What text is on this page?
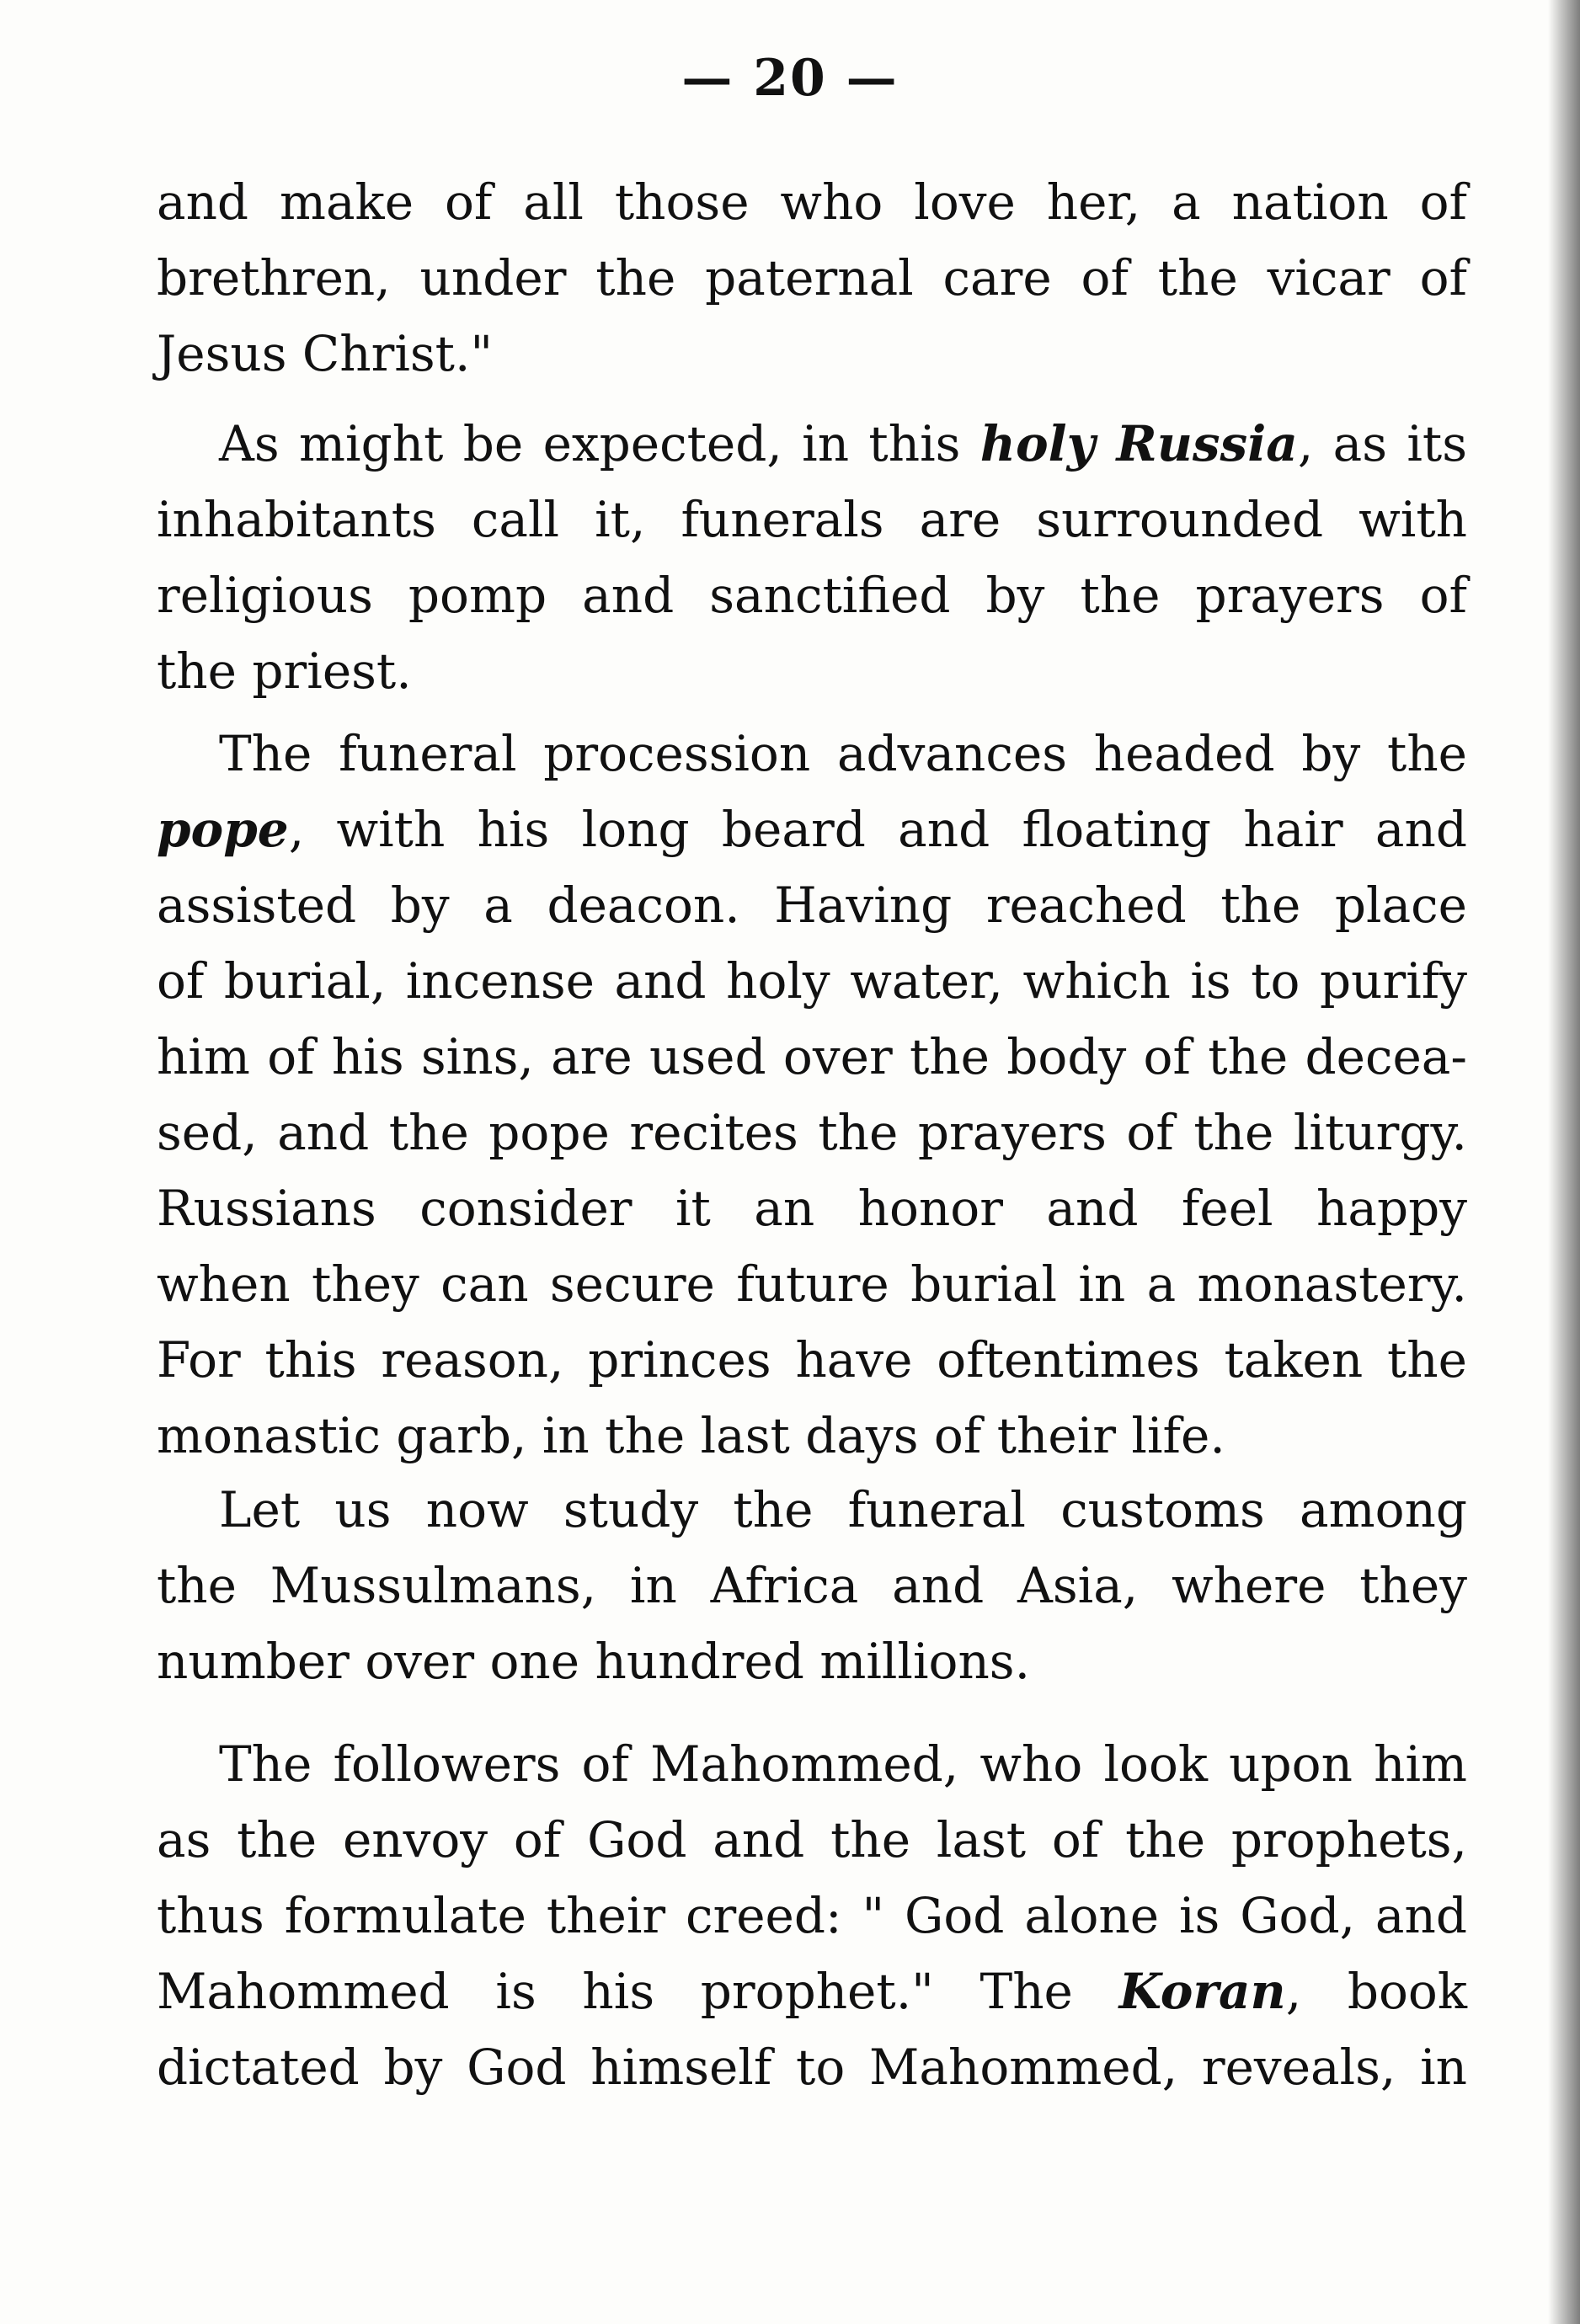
— 20 —
and make of all those who love her, a nation of
brethren, under the paternal care of the vicar of
Jesus Christ."
As might be expected, in this holy Russia, as its
inhabitants call it, funerals are surrounded with
religious pomp and sanctified by the prayers of
the priest.
The funeral procession advances headed by the
pope, with his long beard and floating hair and
assisted by a deacon. Having reached the place
of burial, incense and holy water, which is to purify
him of his sins, are used over the body of the decea-
sed, and the pope recites the prayers of the liturgy.
Russians consider it an honor and feel happy
when they can secure future burial in a monastery.
For this reason, princes have oftentimes taken the
monastic garb, in the last days of their life.
Let us now study the funeral customs among
the Mussulmans, in Africa and Asia, where they
number over one hundred millions.
The followers of Mahommed, who look upon him
as the envoy of God and the last of the prophets,
thus formulate their creed: " God alone is God, and
Mahommed is his prophet." The Koran, book
dictated by God himself to Mahommed, reveals, in
